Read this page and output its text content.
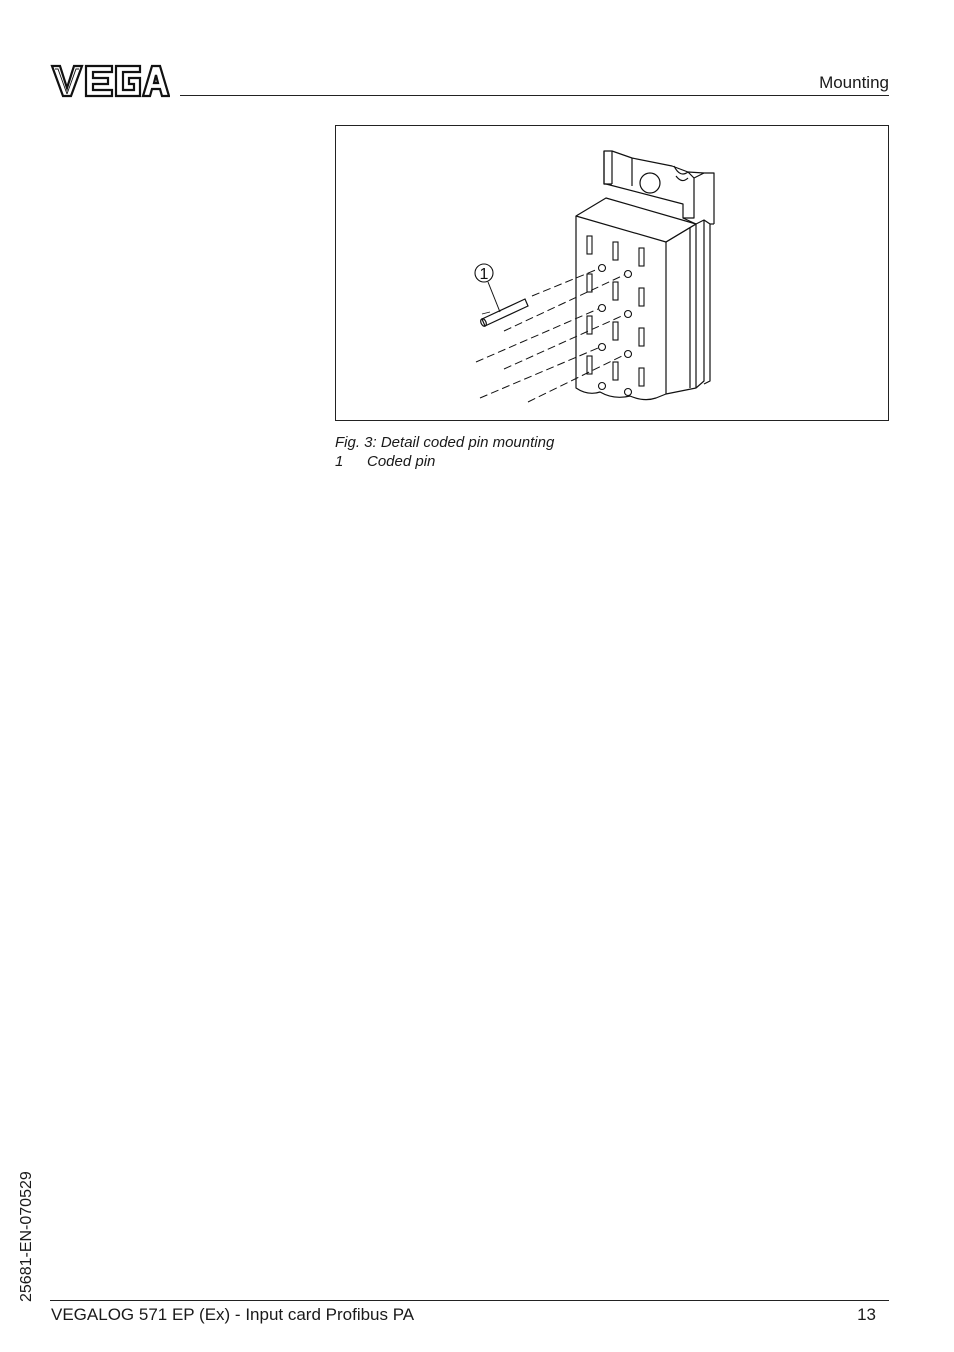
Mounting
1
Fig. 3: Detail coded pin mounting
1 Coded pin
25681-EN-070529
VEGALOG 571 EP (Ex) - Input card Profibus PA	13
